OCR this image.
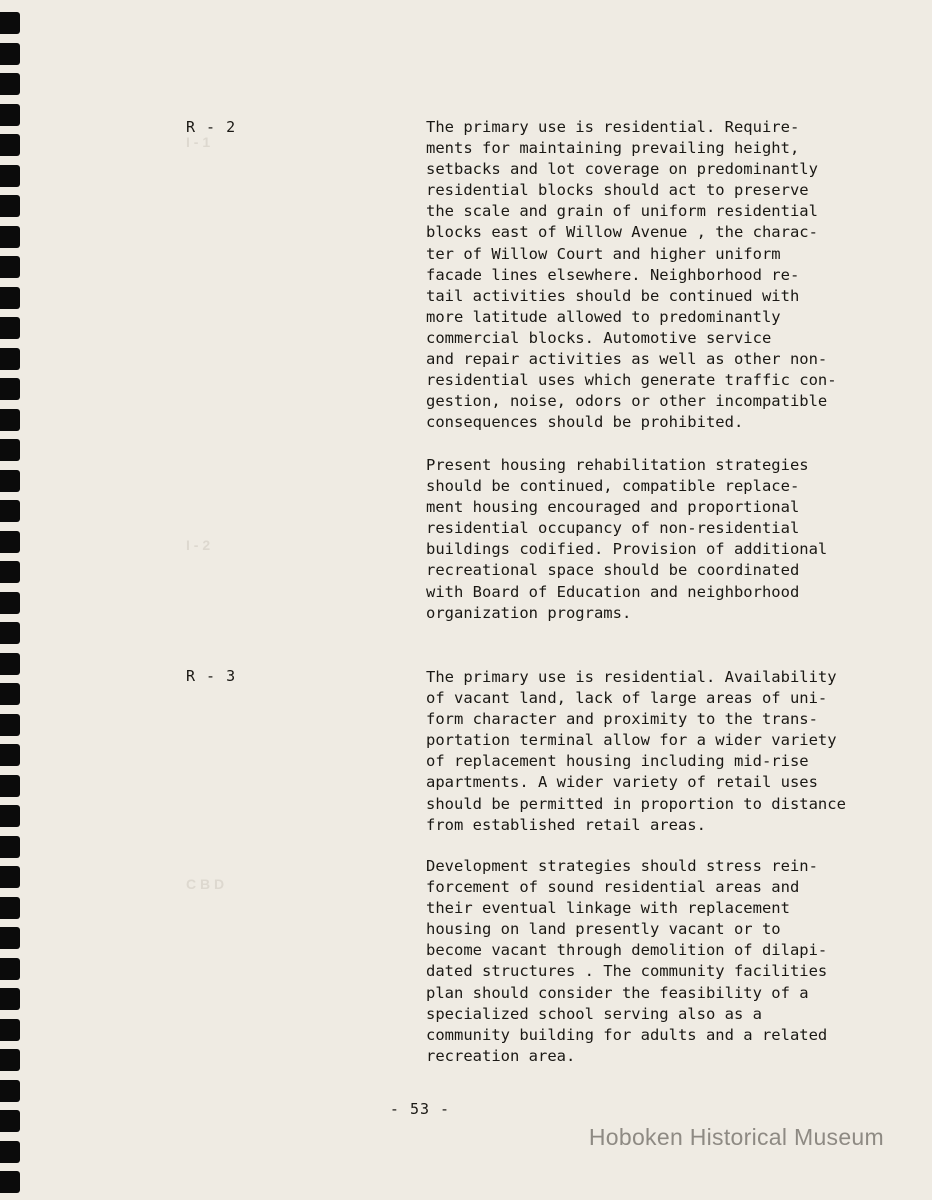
I - 1
I - 2
C B D
R - 2	The primary use is residential. Require-
ments for maintaining prevailing height,
setbacks and lot coverage on predominantly
residential blocks should act to preserve
the scale and grain of uniform residential
blocks east of Willow Avenue , the charac-
ter of Willow Court and higher uniform
facade lines elsewhere. Neighborhood re-
tail activities should be continued with
more latitude allowed to predominantly
commercial blocks. Automotive service
and repair activities as well as other non-
residential uses which generate traffic con-
gestion, noise, odors or other incompatible
consequences should be prohibited.
Present housing rehabilitation strategies
should be continued, compatible replace-
ment housing encouraged and proportional
residential occupancy of non-residential
buildings codified. Provision of additional
recreational space should be coordinated
with Board of Education and neighborhood
organization programs.
R - 3	The primary use is residential. Availability
of vacant land, lack of large areas of uni-
form character and proximity to the trans-
portation terminal allow for a wider variety
of replacement housing including mid-rise
apartments. A wider variety of retail uses
should be permitted in proportion to distance
from established retail areas.
Development strategies should stress rein-
forcement of sound residential areas and
their eventual linkage with replacement
housing on land presently vacant or to
become vacant through demolition of dilapi-
dated structures . The community facilities
plan should consider the feasibility of a
specialized school serving also as a
community building for adults and a related
recreation area.
- 53 -
Hoboken Historical Museum
